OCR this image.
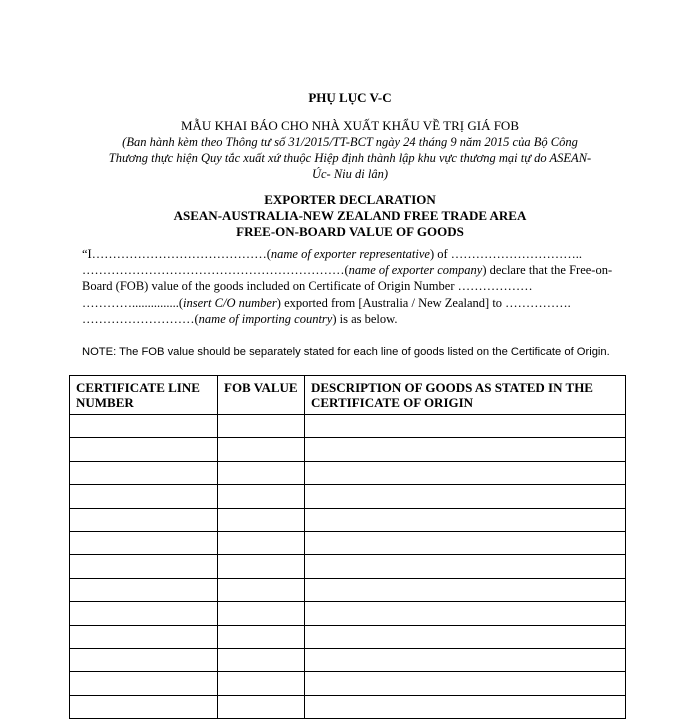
PHỤ LỤC V-C
MẪU KHAI BÁO CHO NHÀ XUẤT KHẨU VỀ TRỊ GIÁ FOB
(Ban hành kèm theo Thông tư số 31/2015/TT-BCT ngày 24 tháng 9 năm 2015 của Bộ Công
Thương thực hiện Quy tắc xuất xứ thuộc Hiệp định thành lập khu vực thương mại tự do ASEAN-
Úc- Niu di lân)
EXPORTER DECLARATION
ASEAN-AUSTRALIA-NEW ZEALAND FREE TRADE AREA
FREE-ON-BOARD VALUE OF GOODS
“I……………………………………(name of exporter representative) of ………………………….. ………………………………………………………(name of exporter company) declare that the Free-on-Board (FOB) value of the goods included on Certificate of Origin Number ……………… …………...............(insert C/O number) exported from [Australia / New Zealand] to ……………. ………………………(name of importing country) is as below.
NOTE: The FOB value should be separately stated for each line of goods listed on the Certificate of Origin.
CERTIFICATE LINE NUMBER	FOB VALUE	DESCRIPTION OF GOODS AS STATED IN THE CERTIFICATE OF ORIGIN
